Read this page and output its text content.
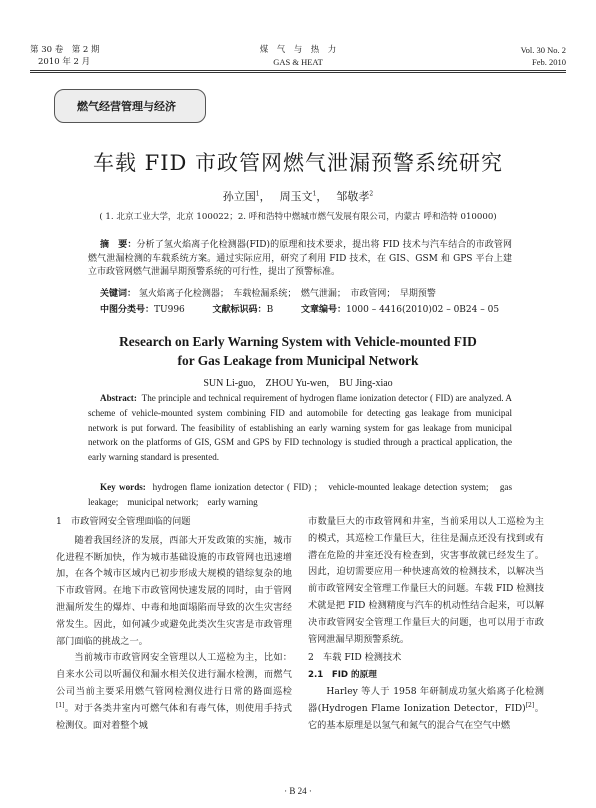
第 30 卷　第 2 期
2010 年 2 月
煤　气　与　热　力
GAS & HEAT
Vol. 30 No. 2
Feb. 2010
燃气经营管理与经济
车载 FID 市政管网燃气泄漏预警系统研究
孙立国$^1$，　 周玉文$^1$，　 邹敬孝$^2$
( 1. 北京工业大学，北京 100022；2. 呼和浩特中燃城市燃气发展有限公司，内蒙古 呼和浩特 010000)
摘　要：分析了氢火焰离子化检测器(FID)的原理和技术要求，提出将 FID 技术与汽车结合的市政管网燃气泄漏检测的车载系统方案。通过实际应用，研究了利用 FID 技术，在 GIS、GSM 和 GPS 平台上建立市政管网燃气泄漏早期预警系统的可行性，提出了预警标准。
关键词： 氢火焰离子化检测器；　车载检漏系统；　燃气泄漏；　市政管网；　早期预警
中图分类号：TU996	文献标识码：B	文章编号：1000 – 4416(2010)02 – 0B24 – 05
Research on Early Warning System with Vehicle-mounted FID
for Gas Leakage from Municipal Network
SUN Li-guo,　ZHOU Yu-wen,　BU Jing-xiao
Abstract: The principle and technical requirement of hydrogen flame ionization detector ( FID) are analyzed. A scheme of vehicle-mounted system combining FID and automobile for detecting gas leakage from municipal network is put forward. The feasibility of establishing an early warning system for gas leakage from municipal network on the platforms of GIS, GSM and GPS by FID technology is studied through a practical application, the early warning standard is presented.
Key words: hydrogen flame ionization detector ( FID) ;　vehicle-mounted leakage detection system;　gas leakage;　municipal network;　early warning

1　市政管网安全管理面临的问题

随着我国经济的发展，西部大开发政策的实施，城市化进程不断加快，作为城市基础设施的市政管网也迅速增加，在各个城市区域内已初步形成大规模的错综复杂的地下市政管网。在地下市政管网快速发展的同时，由于管网泄漏所发生的爆炸、中毒和地面塌陷而导致的次生灾害经常发生。因此，如何减少或避免此类次生灾害是市政管理部门面临的挑战之一。

当前城市市政管网安全管理以人工巡检为主，比如：自来水公司以听漏仪和漏水相关仪进行漏水检测，而燃气公司当前主要采用燃气管网检测仪进行日常的路面巡检[1]。对于各类井室内可燃气体和有毒气体，则使用手持式检测仪。面对着整个城

市数量巨大的市政管网和井室，当前采用以人工巡检为主的模式，其巡检工作量巨大，往往是漏点还没有找到或有潜在危险的井室还没有检查到，灾害事故就已经发生了。因此，迫切需要应用一种快速高效的检测技术，以解决当前市政管网安全管理工作量巨大的问题。车载 FID 检测技术就是把 FID 检测精度与汽车的机动性结合起来，可以解决市政管网安全管理工作量巨大的问题，也可以用于市政管网泄漏早期预警系统。

2　车载 FID 检测技术

2.1　FID 的原理

Harley 等人于 1958 年研制成功氢火焰离子化检测器(Hydrogen Flame Ionization Detector，FID)[2]。它的基本原理是以氢气和氮气的混合气在空气中燃

· B 24 ·
